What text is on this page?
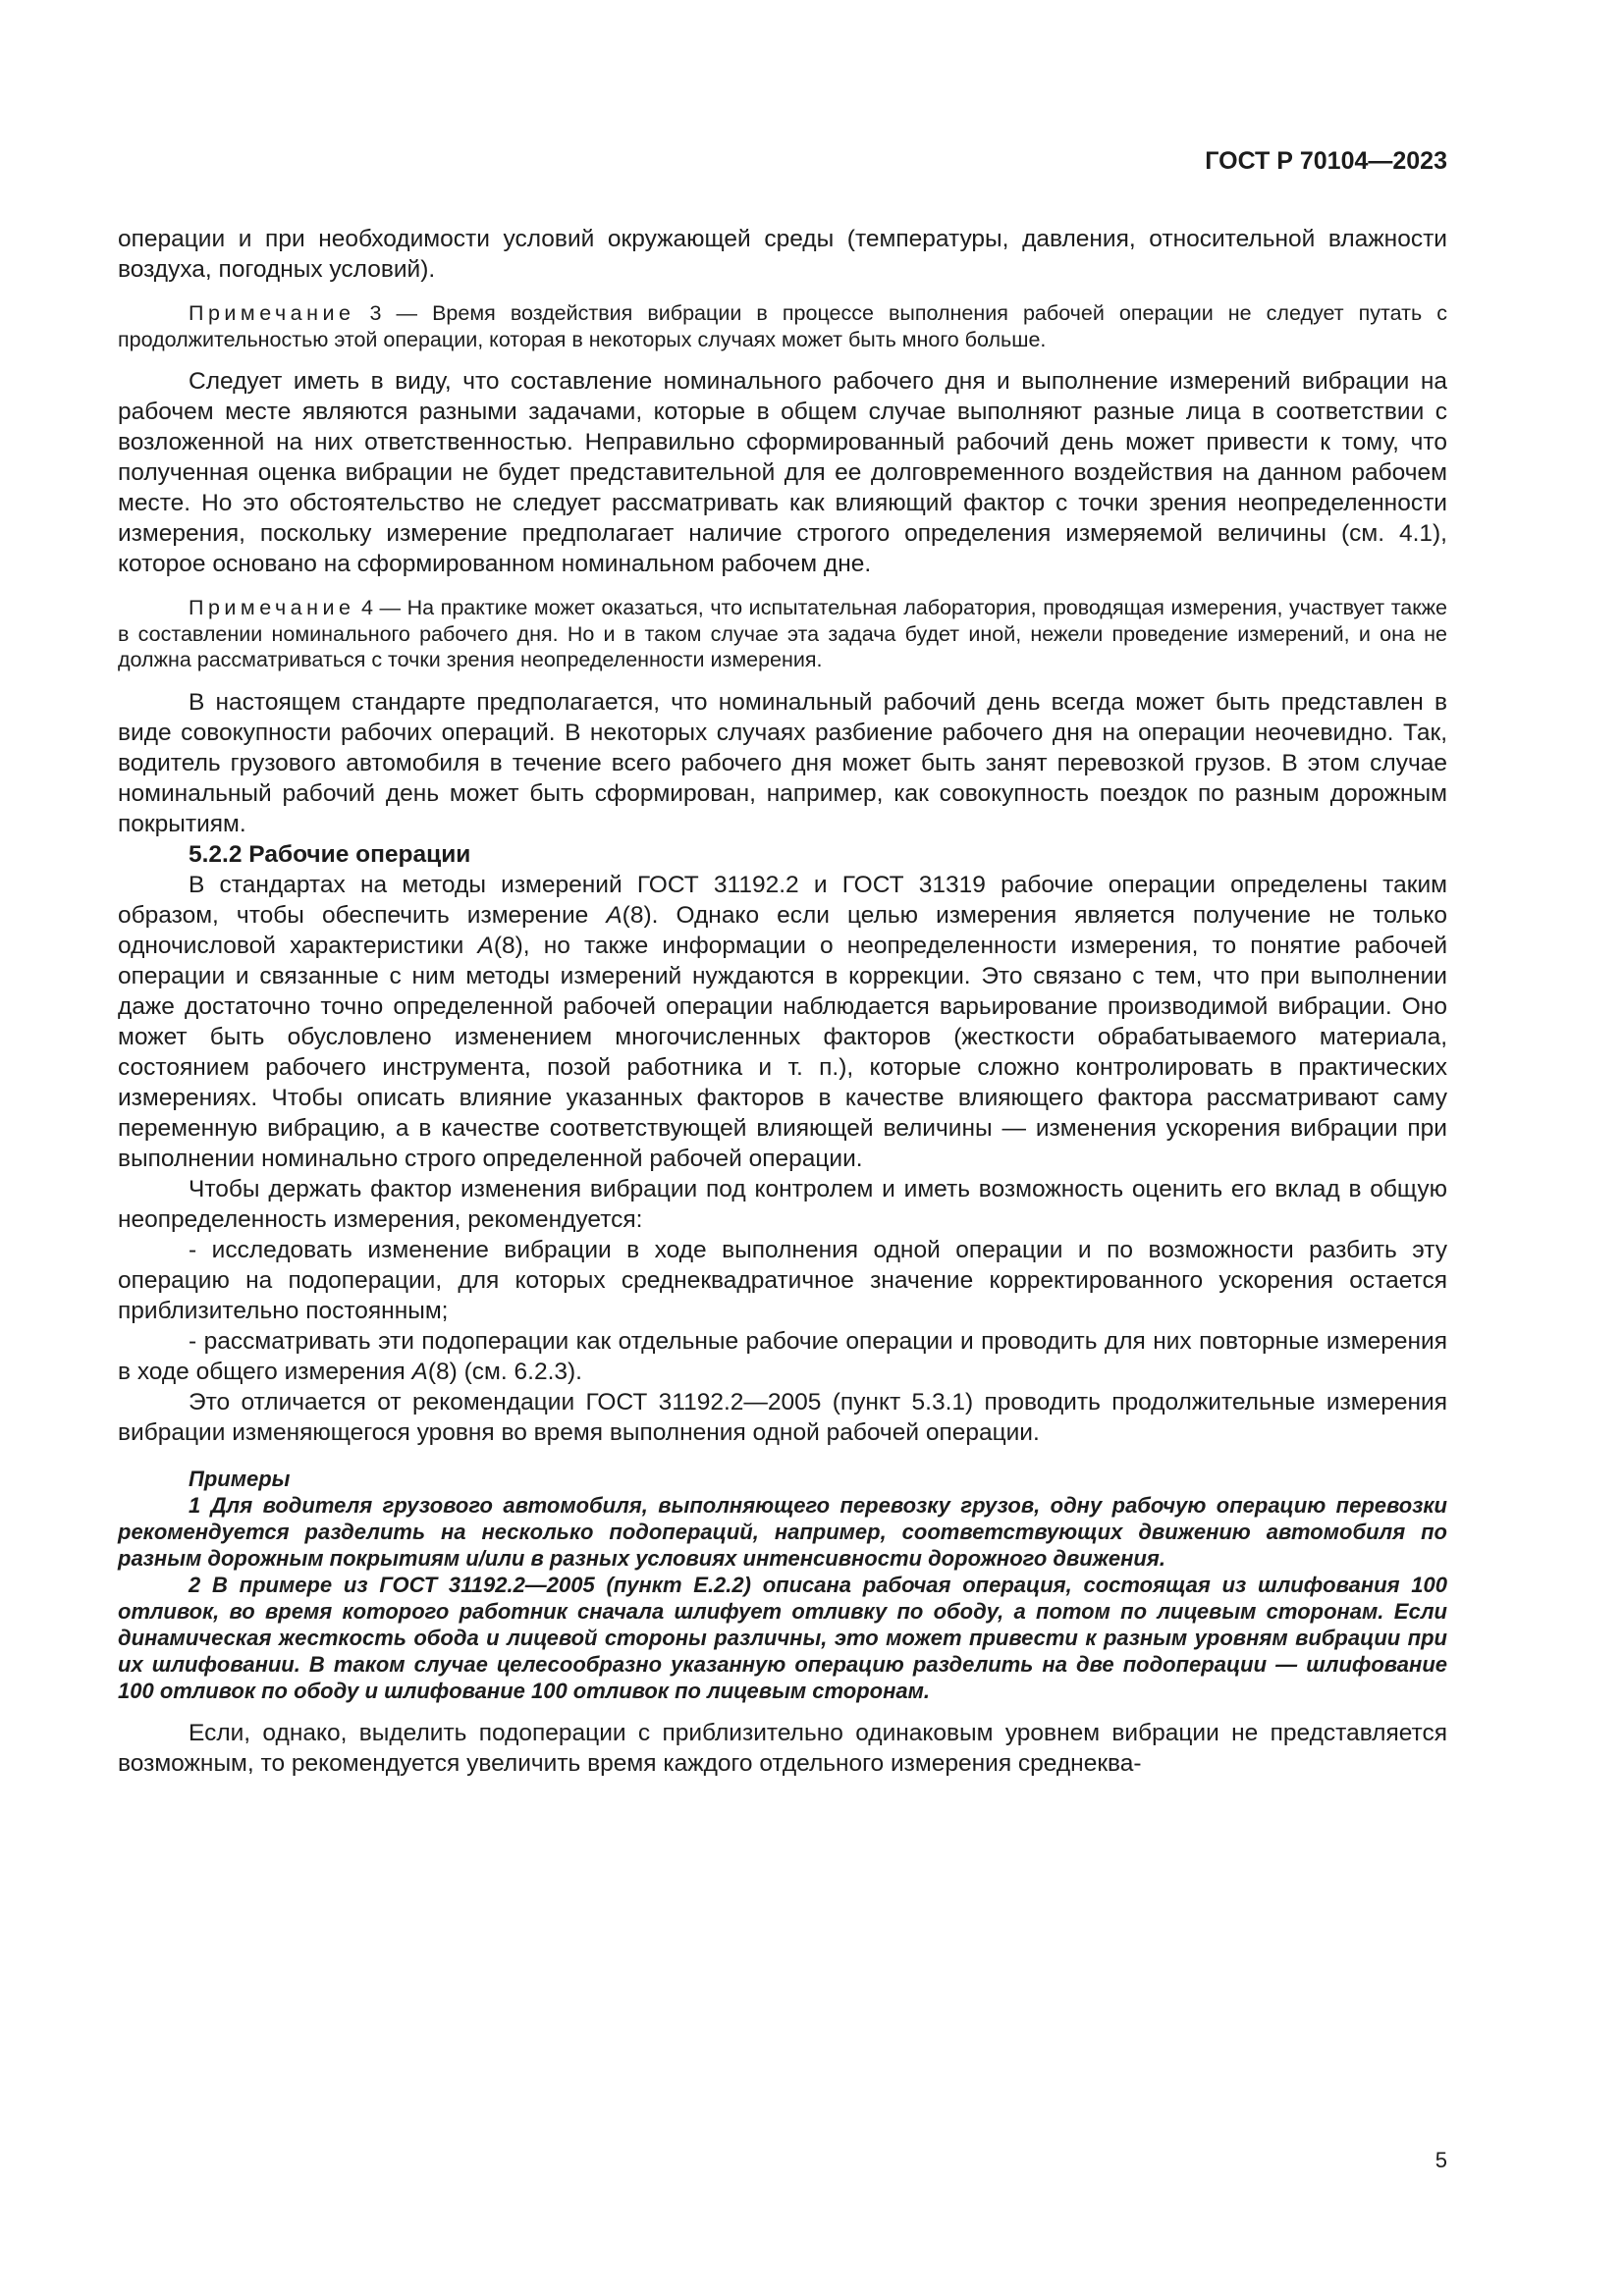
ГОСТ Р 70104—2023

операции и при необходимости условий окружающей среды (температуры, давления, относительной влажности воздуха, погодных условий).

Примечание 3 — Время воздействия вибрации в процессе выполнения рабочей операции не следует путать с продолжительностью этой операции, которая в некоторых случаях может быть много больше.

Следует иметь в виду, что составление номинального рабочего дня и выполнение измерений вибрации на рабочем месте являются разными задачами, которые в общем случае выполняют разные лица в соответствии с возложенной на них ответственностью. Неправильно сформированный рабочий день может привести к тому, что полученная оценка вибрации не будет представительной для ее долговременного воздействия на данном рабочем месте. Но это обстоятельство не следует рассматривать как влияющий фактор с точки зрения неопределенности измерения, поскольку измерение предполагает наличие строгого определения измеряемой величины (см. 4.1), которое основано на сформированном номинальном рабочем дне.

Примечание 4 — На практике может оказаться, что испытательная лаборатория, проводящая измерения, участвует также в составлении номинального рабочего дня. Но и в таком случае эта задача будет иной, нежели проведение измерений, и она не должна рассматриваться с точки зрения неопределенности измерения.

В настоящем стандарте предполагается, что номинальный рабочий день всегда может быть представлен в виде совокупности рабочих операций. В некоторых случаях разбиение рабочего дня на операции неочевидно. Так, водитель грузового автомобиля в течение всего рабочего дня может быть занят перевозкой грузов. В этом случае номинальный рабочий день может быть сформирован, например, как совокупность поездок по разным дорожным покрытиям.

5.2.2 Рабочие операции

В стандартах на методы измерений ГОСТ 31192.2 и ГОСТ 31319 рабочие операции определены таким образом, чтобы обеспечить измерение A(8). Однако если целью измерения является получение не только одночисловой характеристики A(8), но также информации о неопределенности измерения, то понятие рабочей операции и связанные с ним методы измерений нуждаются в коррекции. Это связано с тем, что при выполнении даже достаточно точно определенной рабочей операции наблюдается варьирование производимой вибрации. Оно может быть обусловлено изменением многочисленных факторов (жесткости обрабатываемого материала, состоянием рабочего инструмента, позой работника и т. п.), которые сложно контролировать в практических измерениях. Чтобы описать влияние указанных факторов в качестве влияющего фактора рассматривают саму переменную вибрацию, а в качестве соответствующей влияющей величины — изменения ускорения вибрации при выполнении номинально строго определенной рабочей операции.

Чтобы держать фактор изменения вибрации под контролем и иметь возможность оценить его вклад в общую неопределенность измерения, рекомендуется:

- исследовать изменение вибрации в ходе выполнения одной операции и по возможности разбить эту операцию на подоперации, для которых среднеквадратичное значение корректированного ускорения остается приблизительно постоянным;

- рассматривать эти подоперации как отдельные рабочие операции и проводить для них повторные измерения в ходе общего измерения A(8) (см. 6.2.3).

Это отличается от рекомендации ГОСТ 31192.2—2005 (пункт 5.3.1) проводить продолжительные измерения вибрации изменяющегося уровня во время выполнения одной рабочей операции.

Примеры

1 Для водителя грузового автомобиля, выполняющего перевозку грузов, одну рабочую операцию перевозки рекомендуется разделить на несколько подопераций, например, соответствующих движению автомобиля по разным дорожным покрытиям и/или в разных условиях интенсивности дорожного движения.

2 В примере из ГОСТ 31192.2—2005 (пункт Е.2.2) описана рабочая операция, состоящая из шлифования 100 отливок, во время которого работник сначала шлифует отливку по ободу, а потом по лицевым сторонам. Если динамическая жесткость обода и лицевой стороны различны, это может привести к разным уровням вибрации при их шлифовании. В таком случае целесообразно указанную операцию разделить на две подоперации — шлифование 100 отливок по ободу и шлифование 100 отливок по лицевым сторонам.

Если, однако, выделить подоперации с приблизительно одинаковым уровнем вибрации не представляется возможным, то рекомендуется увеличить время каждого отдельного измерения среднеква-

5
